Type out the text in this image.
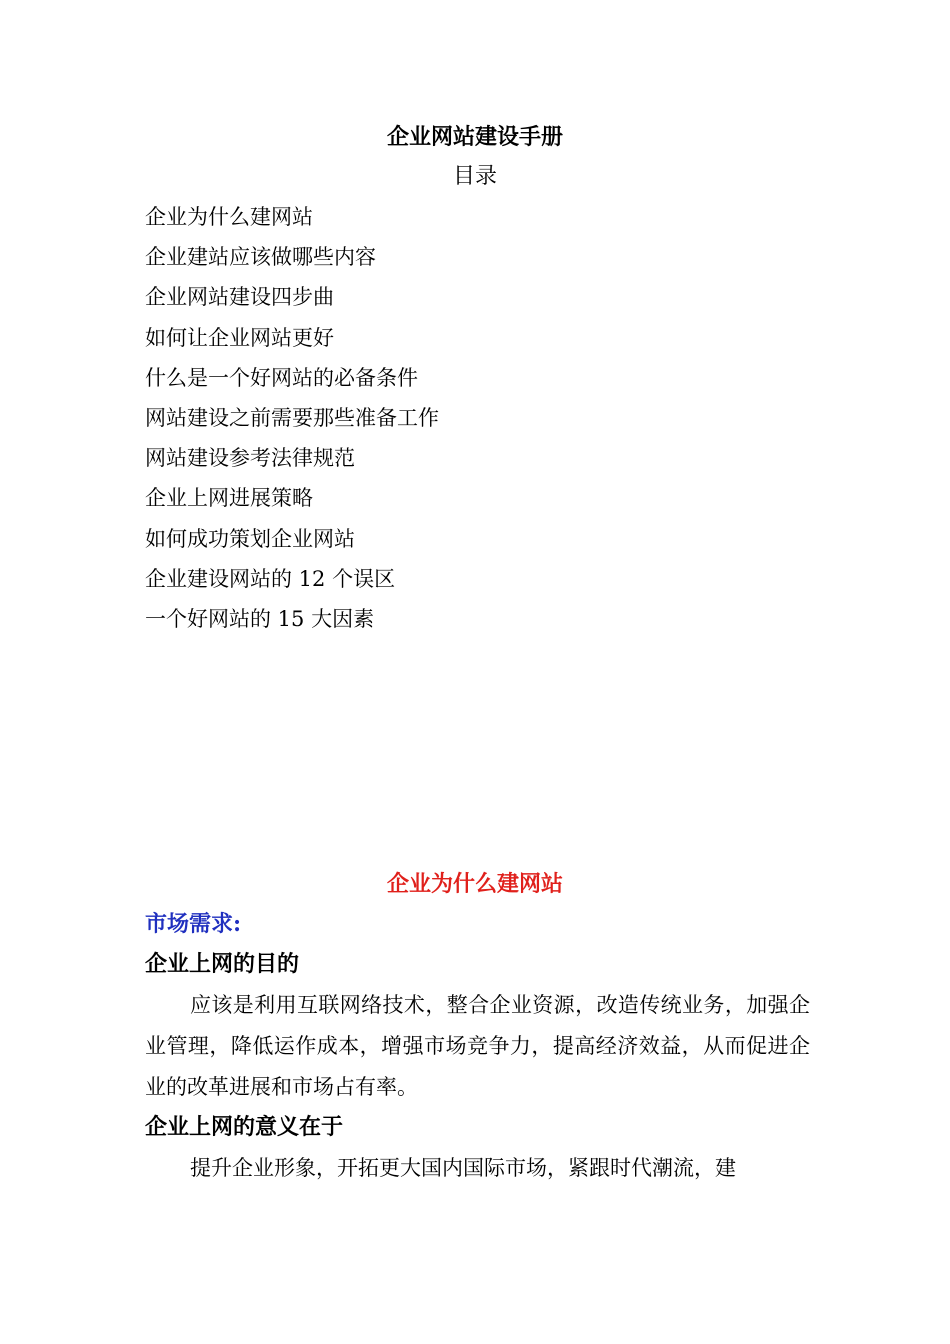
企业网站建设手册
目录
企业为什么建网站
企业建站应该做哪些内容
企业网站建设四步曲
如何让企业网站更好
什么是一个好网站的必备条件
网站建设之前需要那些准备工作
网站建设参考法律规范
企业上网进展策略
如何成功策划企业网站
企业建设网站的 12 个误区
一个好网站的 15 大因素
企业为什么建网站
市场需求:
企业上网的目的

应该是利用互联网络技术，整合企业资源，改造传统业务，加强企业管理，降低运作成本，增强市场竞争力，提高经济效益，从而促进企业的改革进展和市场占有率。

企业上网的意义在于

提升企业形象，开拓更大国内国际市场，紧跟时代潮流，建
